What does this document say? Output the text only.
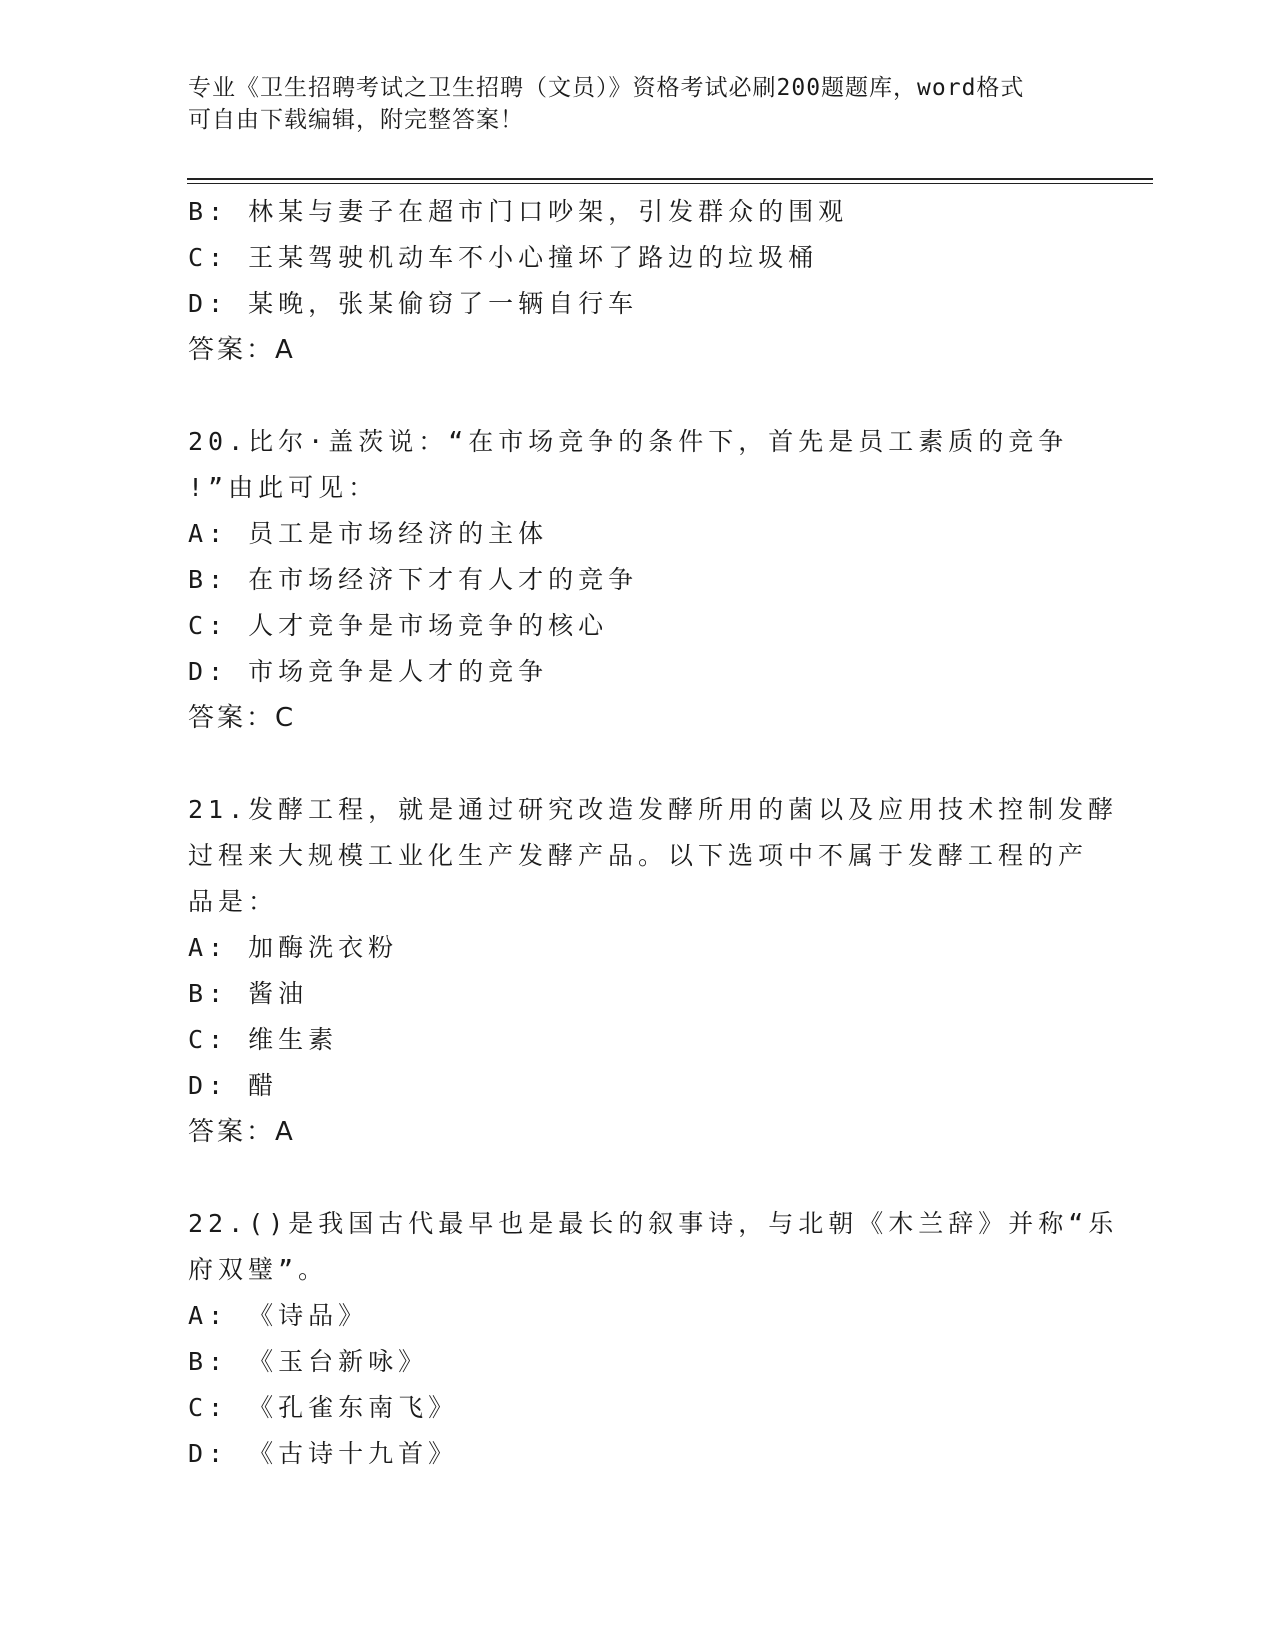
专业《卫生招聘考试之卫生招聘（文员）》资格考试必刷200题题库，word格式
可自由下载编辑，附完整答案！
B: 林某与妻子在超市门口吵架，引发群众的围观
C: 王某驾驶机动车不小心撞坏了路边的垃圾桶
D: 某晚，张某偷窃了一辆自行车
答案：A
20.比尔·盖茨说：“在市场竞争的条件下，首先是员工素质的竞争
!”由此可见：
A: 员工是市场经济的主体
B: 在市场经济下才有人才的竞争
C: 人才竞争是市场竞争的核心
D: 市场竞争是人才的竞争
答案：C
21.发酵工程，就是通过研究改造发酵所用的菌以及应用技术控制发酵
过程来大规模工业化生产发酵产品。以下选项中不属于发酵工程的产
品是：
A: 加酶洗衣粉
B: 酱油
C: 维生素
D: 醋
答案：A
22.()是我国古代最早也是最长的叙事诗，与北朝《木兰辞》并称“乐
府双璧”。
A: 《诗品》
B: 《玉台新咏》
C: 《孔雀东南飞》
D: 《古诗十九首》
